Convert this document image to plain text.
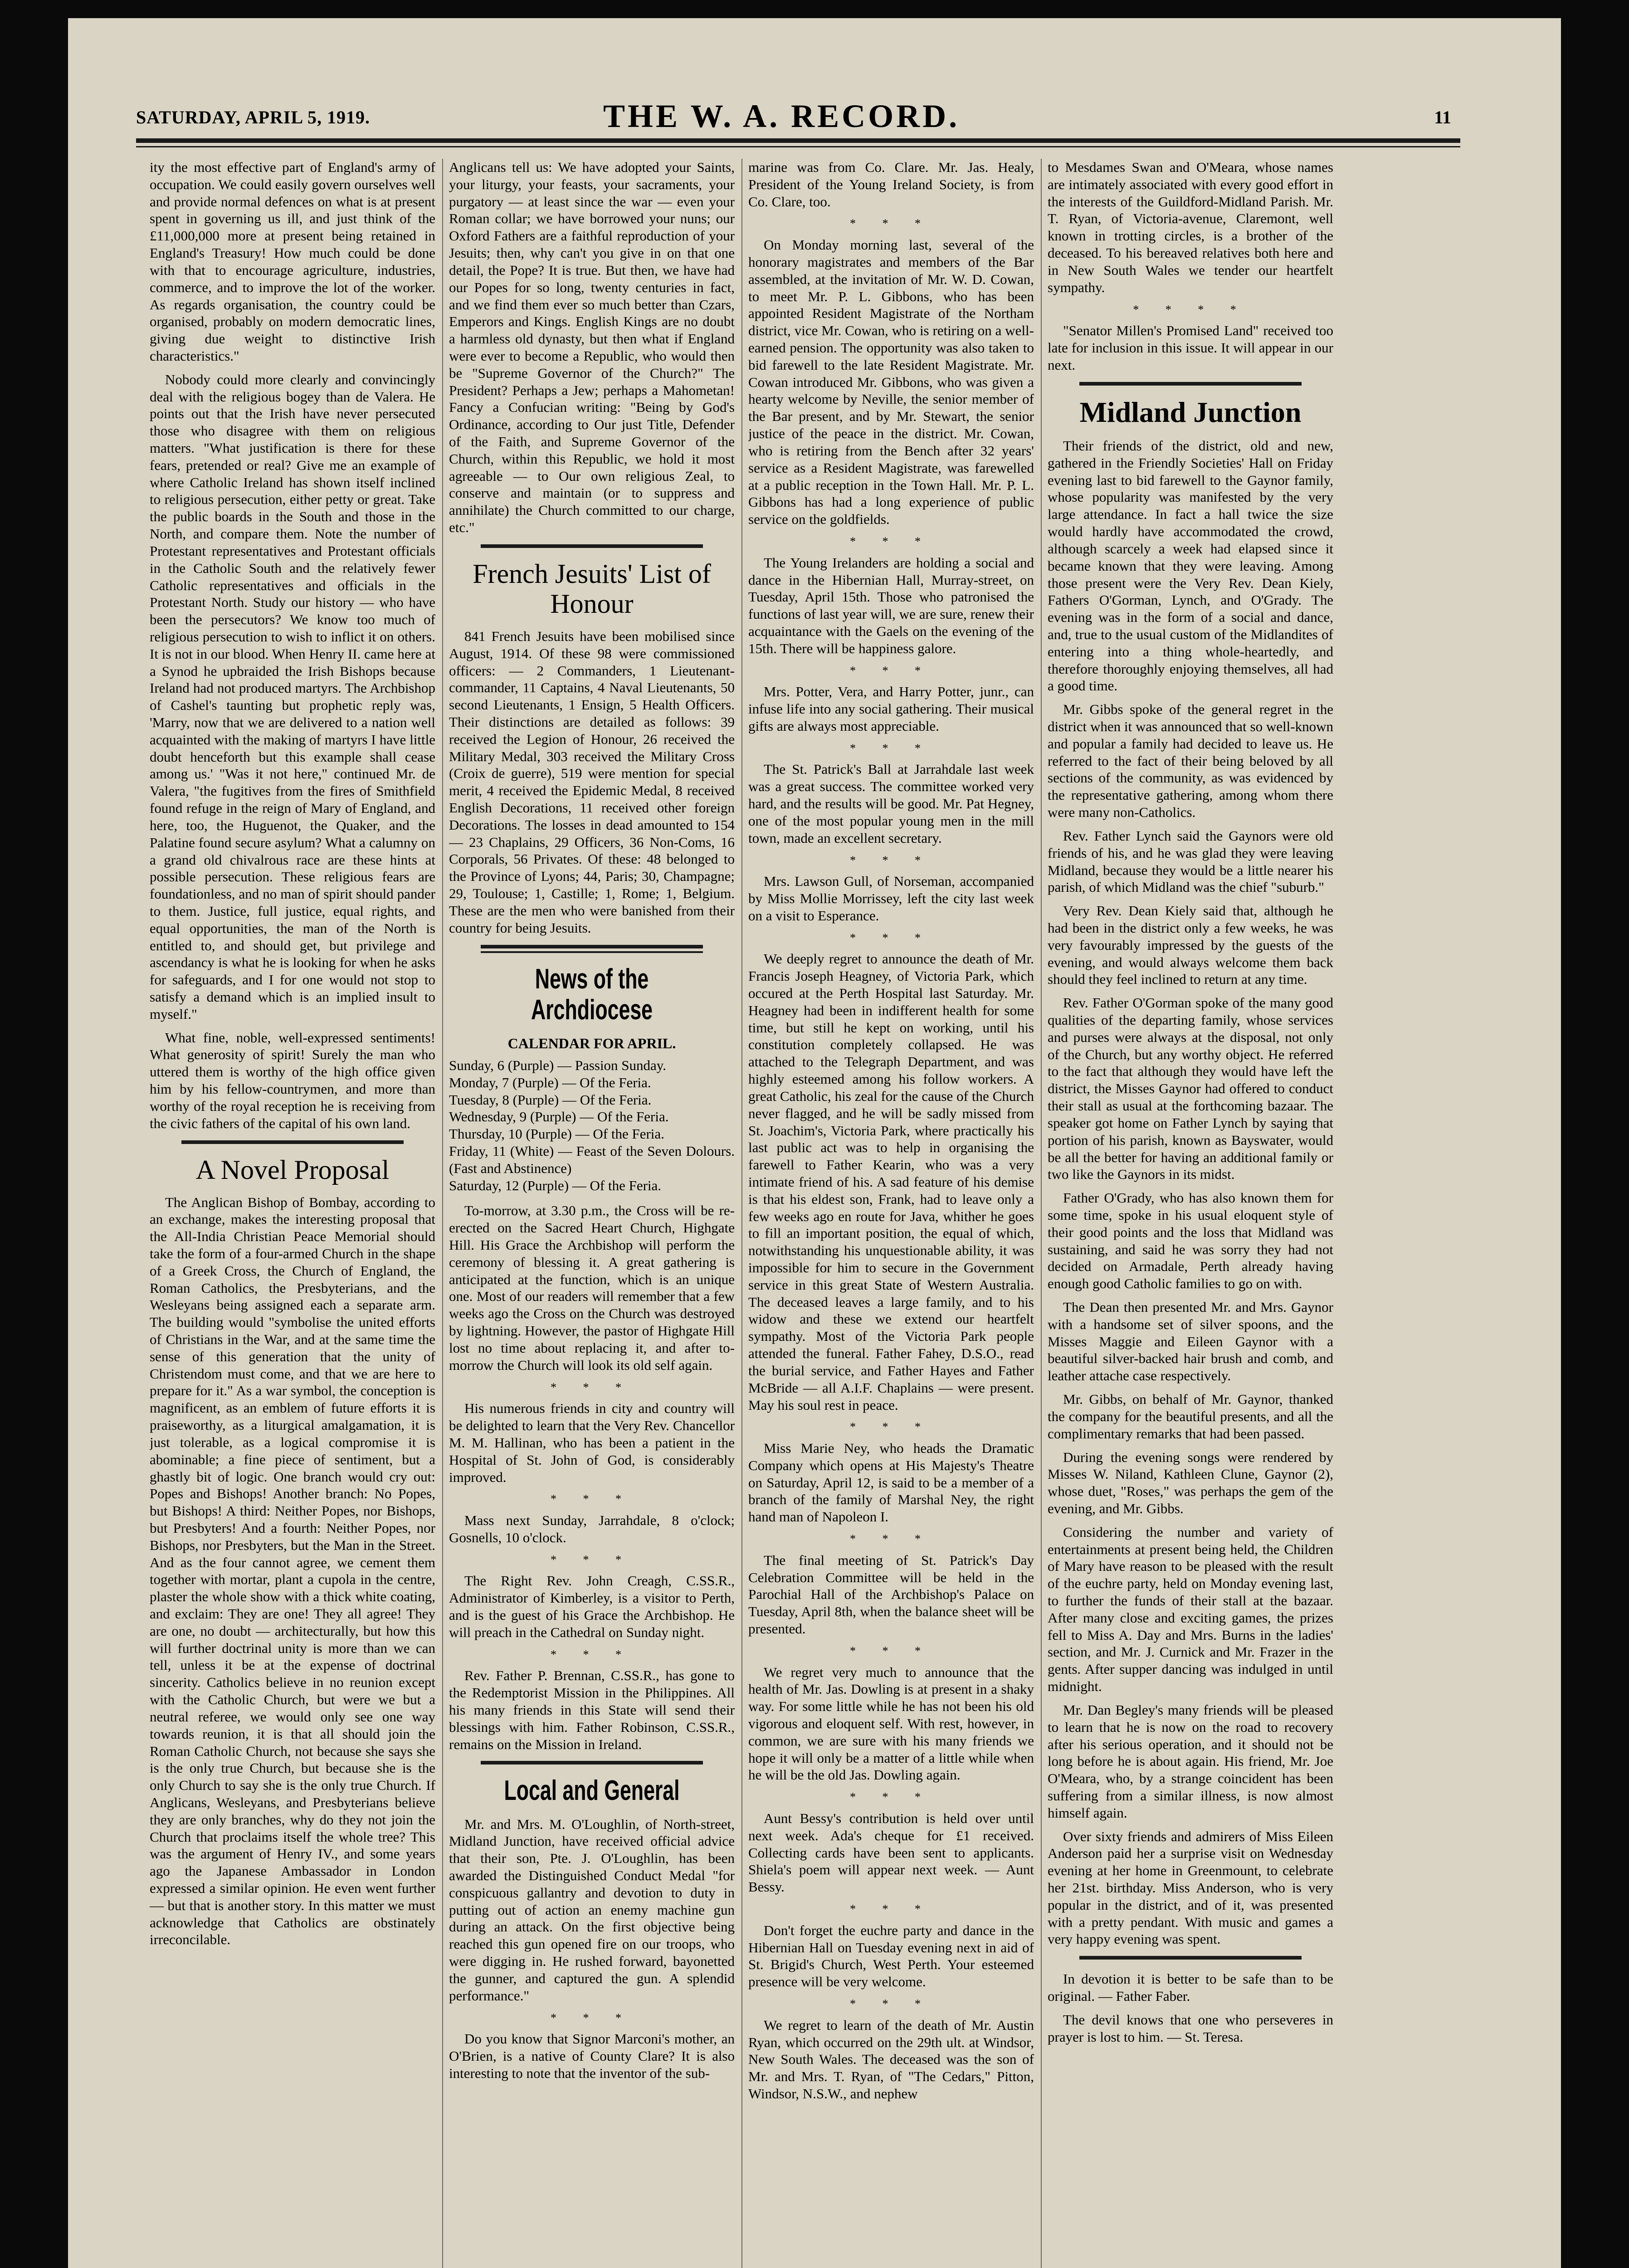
SATURDAY, APRIL 5, 1919.	THE W. A. RECORD.	11

ity the most effective part of England's army of occupation. We could easily govern ourselves well and provide normal defences on what is at present spent in governing us ill, and just think of the £11,000,000 more at present being retained in England's Treasury! How much could be done with that to encourage agriculture, industries, commerce, and to improve the lot of the worker. As regards organisation, the country could be organised, probably on modern democratic lines, giving due weight to distinctive Irish characteristics."

Nobody could more clearly and convincingly deal with the religious bogey than de Valera. He points out that the Irish have never persecuted those who disagree with them on religious matters. "What justification is there for these fears, pretended or real? Give me an example of where Catholic Ireland has shown itself inclined to religious persecution, either petty or great. Take the public boards in the South and those in the North, and compare them. Note the number of Protestant representatives and Protestant officials in the Catholic South and the relatively fewer Catholic representatives and officials in the Protestant North. Study our history — who have been the persecutors? We know too much of religious persecution to wish to inflict it on others. It is not in our blood. When Henry II. came here at a Synod he upbraided the Irish Bishops because Ireland had not produced martyrs. The Archbishop of Cashel's taunting but prophetic reply was, 'Marry, now that we are delivered to a nation well acquainted with the making of martyrs I have little doubt henceforth but this example shall cease among us.' "Was it not here," continued Mr. de Valera, "the fugitives from the fires of Smithfield found refuge in the reign of Mary of England, and here, too, the Huguenot, the Quaker, and the Palatine found secure asylum? What a calumny on a grand old chivalrous race are these hints at possible persecution. These religious fears are foundationless, and no man of spirit should pander to them. Justice, full justice, equal rights, and equal opportunities, the man of the North is entitled to, and should get, but privilege and ascendancy is what he is looking for when he asks for safeguards, and I for one would not stop to satisfy a demand which is an implied insult to myself."

What fine, noble, well-expressed sentiments! What generosity of spirit! Surely the man who uttered them is worthy of the high office given him by his fellow-countrymen, and more than worthy of the royal reception he is receiving from the civic fathers of the capital of his own land.

A Novel Proposal

The Anglican Bishop of Bombay, according to an exchange, makes the interesting proposal that the All-India Christian Peace Memorial should take the form of a four-armed Church in the shape of a Greek Cross, the Church of England, the Roman Catholics, the Presbyterians, and the Wesleyans being assigned each a separate arm. The building would "symbolise the united efforts of Christians in the War, and at the same time the sense of this generation that the unity of Christendom must come, and that we are here to prepare for it." As a war symbol, the conception is magnificent, as an emblem of future efforts it is praiseworthy, as a liturgical amalgamation, it is just tolerable, as a logical compromise it is abominable; a fine piece of sentiment, but a ghastly bit of logic. One branch would cry out: Popes and Bishops! Another branch: No Popes, but Bishops! A third: Neither Popes, nor Bishops, but Presbyters! And a fourth: Neither Popes, nor Bishops, nor Presbyters, but the Man in the Street. And as the four cannot agree, we cement them together with mortar, plant a cupola in the centre, plaster the whole show with a thick white coating, and exclaim: They are one! They all agree! They are one, no doubt — architecturally, but how this will further doctrinal unity is more than we can tell, unless it be at the expense of doctrinal sincerity. Catholics believe in no reunion except with the Catholic Church, but were we but a neutral referee, we would only see one way towards reunion, it is that all should join the Roman Catholic Church, not because she says she is the only true Church, but because she is the only Church to say she is the only true Church. If Anglicans, Wesleyans, and Presbyterians believe they are only branches, why do they not join the Church that proclaims itself the whole tree? This was the argument of Henry IV., and some years ago the Japanese Ambassador in London expressed a similar opinion. He even went further — but that is another story. In this matter we must acknowledge that Catholics are obstinately irreconcilable.

Anglicans tell us: We have adopted your Saints, your liturgy, your feasts, your sacraments, your purgatory — at least since the war — even your Roman collar; we have borrowed your nuns; our Oxford Fathers are a faithful reproduction of your Jesuits; then, why can't you give in on that one detail, the Pope? It is true. But then, we have had our Popes for so long, twenty centuries in fact, and we find them ever so much better than Czars, Emperors and Kings. English Kings are no doubt a harmless old dynasty, but then what if England were ever to become a Republic, who would then be "Supreme Governor of the Church?" The President? Perhaps a Jew; perhaps a Mahometan! Fancy a Confucian writing: "Being by God's Ordinance, according to Our just Title, Defender of the Faith, and Supreme Governor of the Church, within this Republic, we hold it most agreeable — to Our own religious Zeal, to conserve and maintain (or to suppress and annihilate) the Church committed to our charge, etc."

French Jesuits' List of Honour

841 French Jesuits have been mobilised since August, 1914. Of these 98 were commissioned officers: — 2 Commanders, 1 Lieutenant-commander, 11 Captains, 4 Naval Lieutenants, 50 second Lieutenants, 1 Ensign, 5 Health Officers. Their distinctions are detailed as follows: 39 received the Legion of Honour, 26 received the Military Medal, 303 received the Military Cross (Croix de guerre), 519 were mention for special merit, 4 received the Epidemic Medal, 8 received English Decorations, 11 received other foreign Decorations. The losses in dead amounted to 154 — 23 Chaplains, 29 Officers, 36 Non-Coms, 16 Corporals, 56 Privates. Of these: 48 belonged to the Province of Lyons; 44, Paris; 30, Champagne; 29, Toulouse; 1, Castille; 1, Rome; 1, Belgium. These are the men who were banished from their country for being Jesuits.

News of the Archdiocese
CALENDAR FOR APRIL.
Sunday, 6 (Purple) — Passion Sunday.
Monday, 7 (Purple) — Of the Feria.
Tuesday, 8 (Purple) — Of the Feria.
Wednesday, 9 (Purple) — Of the Feria.
Thursday, 10 (Purple) — Of the Feria.
Friday, 11 (White) — Feast of the Seven Dolours. (Fast and Abstinence)
Saturday, 12 (Purple) — Of the Feria.

To-morrow, at 3.30 p.m., the Cross will be re-erected on the Sacred Heart Church, Highgate Hill. His Grace the Archbishop will perform the ceremony of blessing it. A great gathering is anticipated at the function, which is an unique one. Most of our readers will remember that a few weeks ago the Cross on the Church was destroyed by lightning. However, the pastor of Highgate Hill lost no time about replacing it, and after to-morrow the Church will look its old self again.

* * *

His numerous friends in city and country will be delighted to learn that the Very Rev. Chancellor M. M. Hallinan, who has been a patient in the Hospital of St. John of God, is considerably improved.

* * *

Mass next Sunday, Jarrahdale, 8 o'clock; Gosnells, 10 o'clock.

* * *

The Right Rev. John Creagh, C.SS.R., Administrator of Kimberley, is a visitor to Perth, and is the guest of his Grace the Archbishop. He will preach in the Cathedral on Sunday night.

* * *

Rev. Father P. Brennan, C.SS.R., has gone to the Redemptorist Mission in the Philippines. All his many friends in this State will send their blessings with him. Father Robinson, C.SS.R., remains on the Mission in Ireland.

Local and General

Mr. and Mrs. M. O'Loughlin, of North-street, Midland Junction, have received official advice that their son, Pte. J. O'Loughlin, has been awarded the Distinguished Conduct Medal "for conspicuous gallantry and devotion to duty in putting out of action an enemy machine gun during an attack. On the first objective being reached this gun opened fire on our troops, who were digging in. He rushed forward, bayonetted the gunner, and captured the gun. A splendid performance."

* * *

Do you know that Signor Marconi's mother, an O'Brien, is a native of County Clare? It is also interesting to note that the inventor of the sub-

marine was from Co. Clare. Mr. Jas. Healy, President of the Young Ireland Society, is from Co. Clare, too.

* * *

On Monday morning last, several of the honorary magistrates and members of the Bar assembled, at the invitation of Mr. W. D. Cowan, to meet Mr. P. L. Gibbons, who has been appointed Resident Magistrate of the Northam district, vice Mr. Cowan, who is retiring on a well-earned pension. The opportunity was also taken to bid farewell to the late Resident Magistrate. Mr. Cowan introduced Mr. Gibbons, who was given a hearty welcome by Neville, the senior member of the Bar present, and by Mr. Stewart, the senior justice of the peace in the district. Mr. Cowan, who is retiring from the Bench after 32 years' service as a Resident Magistrate, was farewelled at a public reception in the Town Hall. Mr. P. L. Gibbons has had a long experience of public service on the goldfields.

* * *

The Young Irelanders are holding a social and dance in the Hibernian Hall, Murray-street, on Tuesday, April 15th. Those who patronised the functions of last year will, we are sure, renew their acquaintance with the Gaels on the evening of the 15th. There will be happiness galore.

* * *

Mrs. Potter, Vera, and Harry Potter, junr., can infuse life into any social gathering. Their musical gifts are always most appreciable.

* * *

The St. Patrick's Ball at Jarrahdale last week was a great success. The committee worked very hard, and the results will be good. Mr. Pat Hegney, one of the most popular young men in the mill town, made an excellent secretary.

* * *

Mrs. Lawson Gull, of Norseman, accompanied by Miss Mollie Morrissey, left the city last week on a visit to Esperance.

* * *

We deeply regret to announce the death of Mr. Francis Joseph Heagney, of Victoria Park, which occured at the Perth Hospital last Saturday. Mr. Heagney had been in indifferent health for some time, but still he kept on working, until his constitution completely collapsed. He was attached to the Telegraph Department, and was highly esteemed among his follow workers. A great Catholic, his zeal for the cause of the Church never flagged, and he will be sadly missed from St. Joachim's, Victoria Park, where practically his last public act was to help in organising the farewell to Father Kearin, who was a very intimate friend of his. A sad feature of his demise is that his eldest son, Frank, had to leave only a few weeks ago en route for Java, whither he goes to fill an important position, the equal of which, notwithstanding his unquestionable ability, it was impossible for him to secure in the Government service in this great State of Western Australia. The deceased leaves a large family, and to his widow and these we extend our heartfelt sympathy. Most of the Victoria Park people attended the funeral. Father Fahey, D.S.O., read the burial service, and Father Hayes and Father McBride — all A.I.F. Chaplains — were present. May his soul rest in peace.

* * *

Miss Marie Ney, who heads the Dramatic Company which opens at His Majesty's Theatre on Saturday, April 12, is said to be a member of a branch of the family of Marshal Ney, the right hand man of Napoleon I.

* * *

The final meeting of St. Patrick's Day Celebration Committee will be held in the Parochial Hall of the Archbishop's Palace on Tuesday, April 8th, when the balance sheet will be presented.

* * *

We regret very much to announce that the health of Mr. Jas. Dowling is at present in a shaky way. For some little while he has not been his old vigorous and eloquent self. With rest, however, in common, we are sure with his many friends we hope it will only be a matter of a little while when he will be the old Jas. Dowling again.

* * *

Aunt Bessy's contribution is held over until next week. Ada's cheque for £1 received. Collecting cards have been sent to applicants. Shiela's poem will appear next week. — Aunt Bessy.

* * *

Don't forget the euchre party and dance in the Hibernian Hall on Tuesday evening next in aid of St. Brigid's Church, West Perth. Your esteemed presence will be very welcome.

* * *

We regret to learn of the death of Mr. Austin Ryan, which occurred on the 29th ult. at Windsor, New South Wales. The deceased was the son of Mr. and Mrs. T. Ryan, of "The Cedars," Pitton, Windsor, N.S.W., and nephew

to Mesdames Swan and O'Meara, whose names are intimately associated with every good effort in the interests of the Guildford-Midland Parish. Mr. T. Ryan, of Victoria-avenue, Claremont, well known in trotting circles, is a brother of the deceased. To his bereaved relatives both here and in New South Wales we tender our heartfelt sympathy.

* * * *

"Senator Millen's Promised Land" received too late for inclusion in this issue. It will appear in our next.

Midland Junction

Their friends of the district, old and new, gathered in the Friendly Societies' Hall on Friday evening last to bid farewell to the Gaynor family, whose popularity was manifested by the very large attendance. In fact a hall twice the size would hardly have accommodated the crowd, although scarcely a week had elapsed since it became known that they were leaving. Among those present were the Very Rev. Dean Kiely, Fathers O'Gorman, Lynch, and O'Grady. The evening was in the form of a social and dance, and, true to the usual custom of the Midlandites of entering into a thing whole-heartedly, and therefore thoroughly enjoying themselves, all had a good time.

Mr. Gibbs spoke of the general regret in the district when it was announced that so well-known and popular a family had decided to leave us. He referred to the fact of their being beloved by all sections of the community, as was evidenced by the representative gathering, among whom there were many non-Catholics.

Rev. Father Lynch said the Gaynors were old friends of his, and he was glad they were leaving Midland, because they would be a little nearer his parish, of which Midland was the chief "suburb."

Very Rev. Dean Kiely said that, although he had been in the district only a few weeks, he was very favourably impressed by the guests of the evening, and would always welcome them back should they feel inclined to return at any time.

Rev. Father O'Gorman spoke of the many good qualities of the departing family, whose services and purses were always at the disposal, not only of the Church, but any worthy object. He referred to the fact that although they would have left the district, the Misses Gaynor had offered to conduct their stall as usual at the forthcoming bazaar. The speaker got home on Father Lynch by saying that portion of his parish, known as Bayswater, would be all the better for having an additional family or two like the Gaynors in its midst.

Father O'Grady, who has also known them for some time, spoke in his usual eloquent style of their good points and the loss that Midland was sustaining, and said he was sorry they had not decided on Armadale, Perth already having enough good Catholic families to go on with.

The Dean then presented Mr. and Mrs. Gaynor with a handsome set of silver spoons, and the Misses Maggie and Eileen Gaynor with a beautiful silver-backed hair brush and comb, and leather attache case respectively.

Mr. Gibbs, on behalf of Mr. Gaynor, thanked the company for the beautiful presents, and all the complimentary remarks that had been passed.

During the evening songs were rendered by Misses W. Niland, Kathleen Clune, Gaynor (2), whose duet, "Roses," was perhaps the gem of the evening, and Mr. Gibbs.

Considering the number and variety of entertainments at present being held, the Children of Mary have reason to be pleased with the result of the euchre party, held on Monday evening last, to further the funds of their stall at the bazaar. After many close and exciting games, the prizes fell to Miss A. Day and Mrs. Burns in the ladies' section, and Mr. J. Curnick and Mr. Frazer in the gents. After supper dancing was indulged in until midnight.

Mr. Dan Begley's many friends will be pleased to learn that he is now on the road to recovery after his serious operation, and it should not be long before he is about again. His friend, Mr. Joe O'Meara, who, by a strange coincident has been suffering from a similar illness, is now almost himself again.

Over sixty friends and admirers of Miss Eileen Anderson paid her a surprise visit on Wednesday evening at her home in Greenmount, to celebrate her 21st. birthday. Miss Anderson, who is very popular in the district, and of it, was presented with a pretty pendant. With music and games a very happy evening was spent.

In devotion it is better to be safe than to be original. — Father Faber.

The devil knows that one who perseveres in prayer is lost to him. — St. Teresa.
